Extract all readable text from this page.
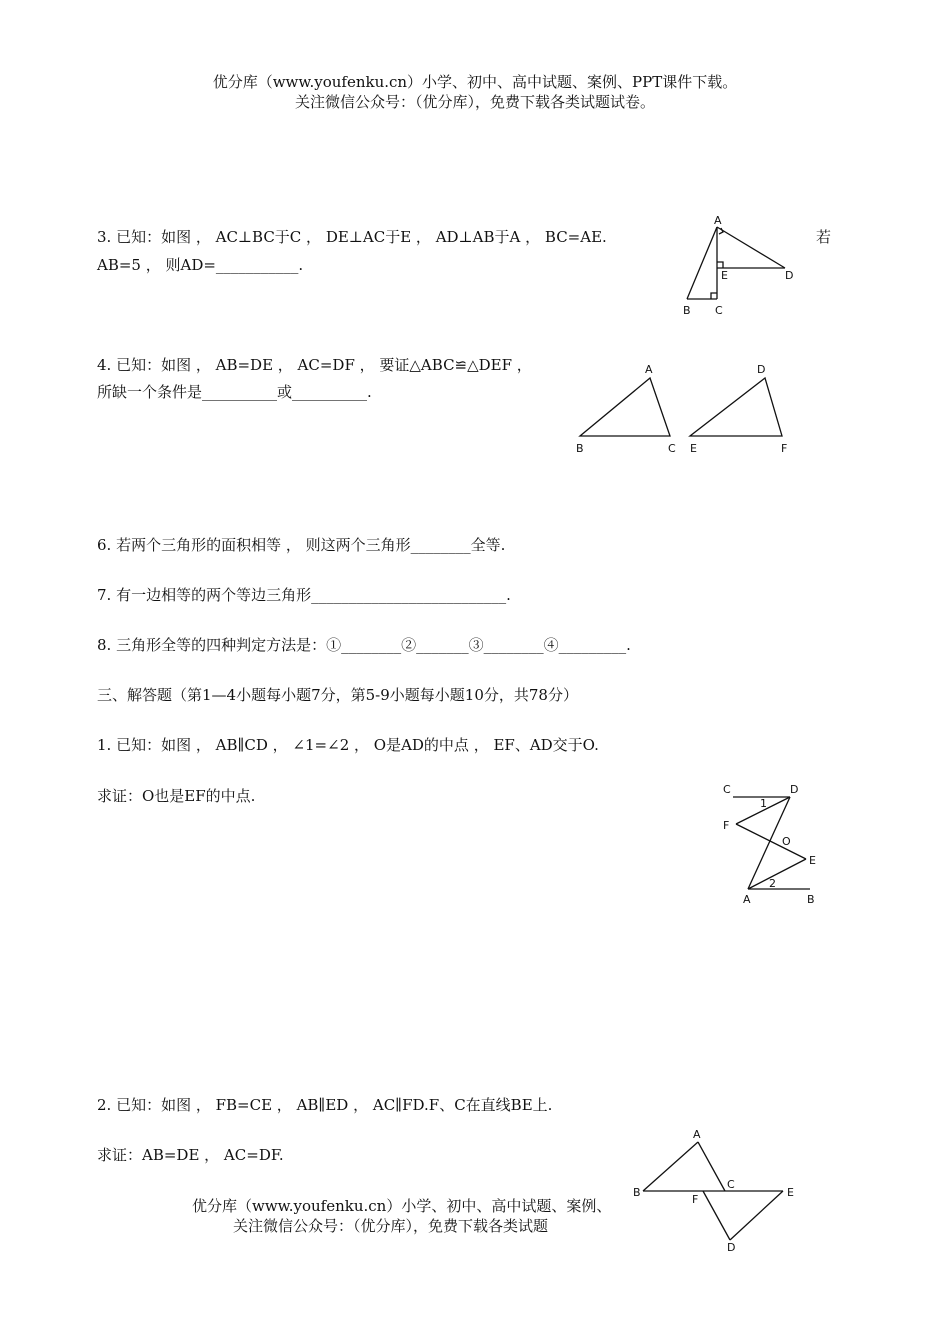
优分库（www.youfenku.cn）小学、初中、高中试题、案例、PPT课件下载。
关注微信公众号：（优分库），免费下载各类试题试卷。
3. 已知：如图 ， AC⊥BC于C ， DE⊥AC于E ， AD⊥AB于A ， BC=AE.	若
AB=5 ， 则AD=___________.
A
E	D
B C
4. 已知：如图 ， AB=DE ， AC=DF ， 要证△ABC≌△DEF ，
所缺一个条件是__________或__________.
A
B	C
D
E	F
6. 若两个三角形的面积相等 ， 则这两个三角形________全等.
7. 有一边相等的两个等边三角形__________________________.
8. 三角形全等的四种判定方法是：①________②_______③________④_________.
三、解答题（第1—4小题每小题7分，第5-9小题每小题10分，共78分）
1. 已知：如图 ， AB∥CD ， ∠1=∠2 ， O是AD的中点 ， EF、AD交于O.
求证：O也是EF的中点.	C	D
1
F
O
E
2
A	B
2. 已知：如图 ， FB=CE ， AB∥ED ， AC∥FD.F、C在直线BE上.
求证：AB=DE ， AC=DF.
A
B
F
C
E
D
优分库（www.youfenku.cn）小学、初中、高中试题、案例、
关注微信公众号：（优分库），免费下载各类试题
